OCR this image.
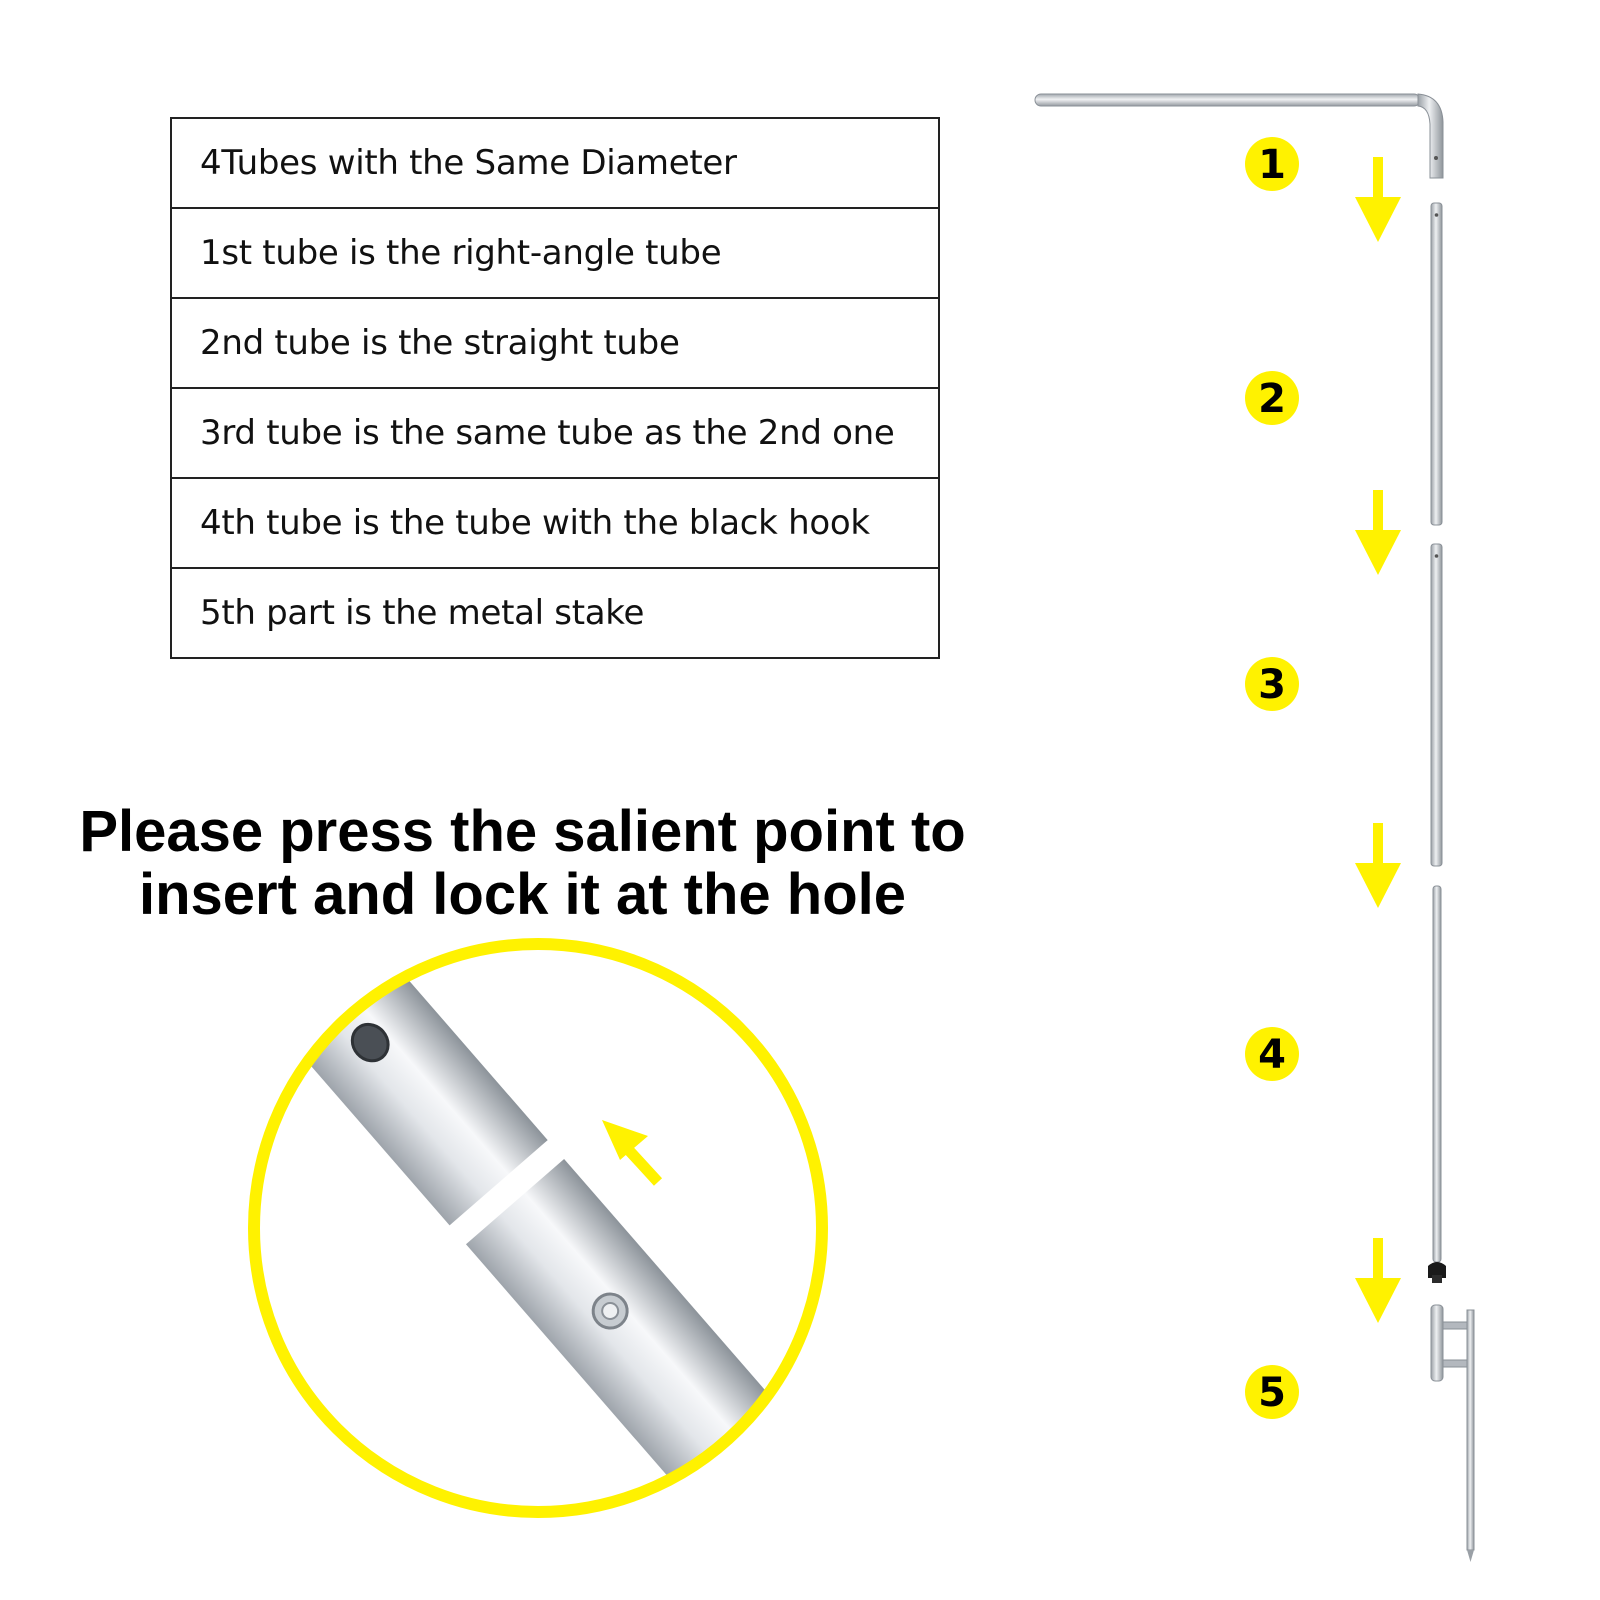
4Tubes with the Same Diameter
1st tube is the right-angle tube
2nd tube is the straight tube
3rd tube is the same tube as the 2nd one
4th tube is the tube with the black hook
5th part is the metal stake

Please press the salient point to
insert and lock it at the hole

1
2
3
4
5
